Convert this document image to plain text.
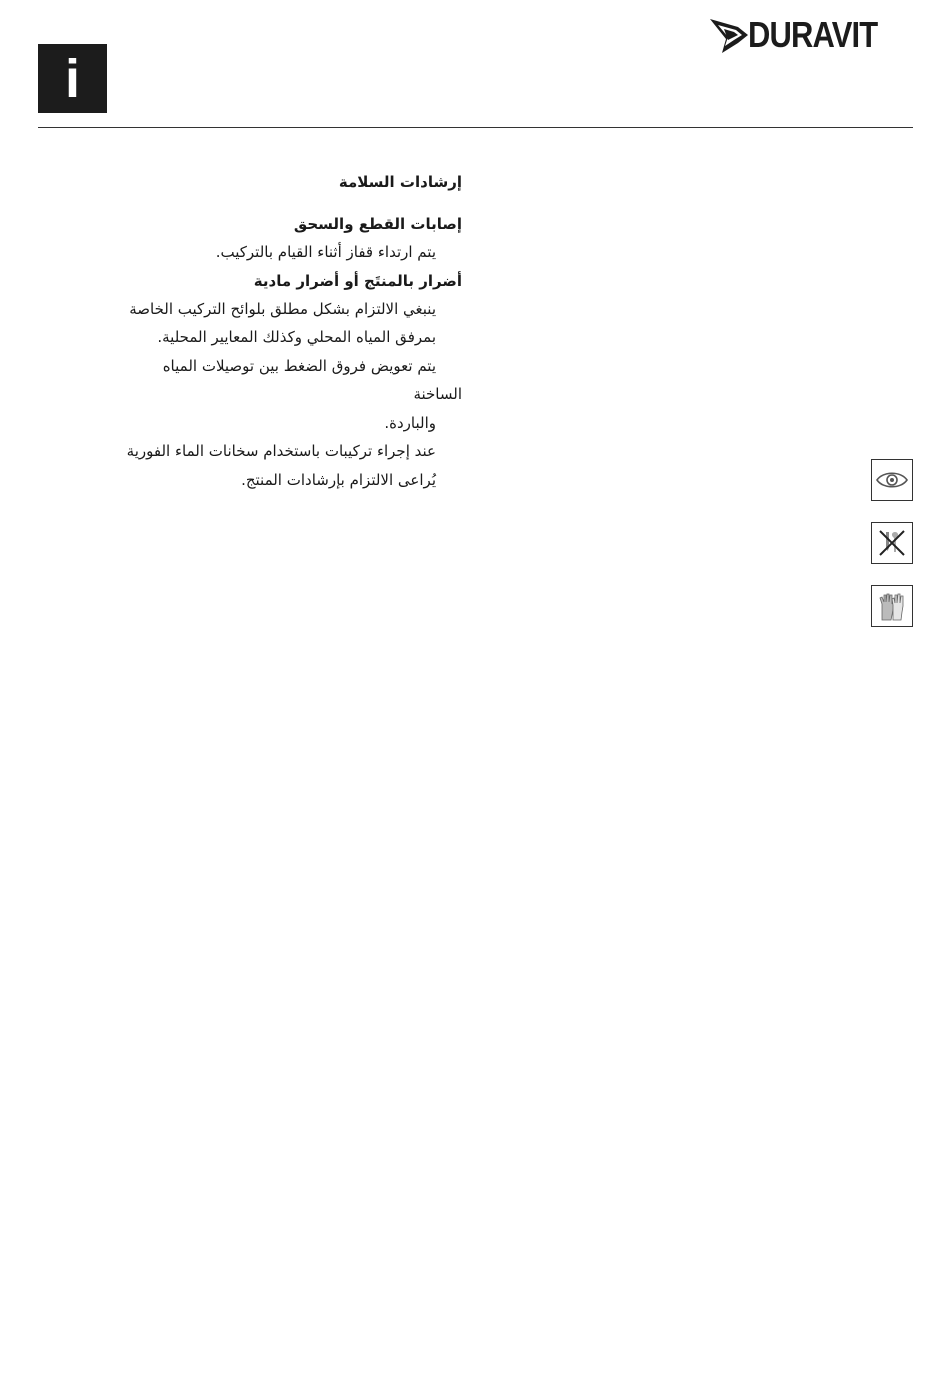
i
DURAVIT
إرشادات السلامة
إصابات القطع والسحق
يتم ارتداء قفاز أثناء القيام بالتركيب.
أضرار بالمنتَج أو أضرار مادية
ينبغي الالتزام بشكل مطلق بلوائح التركيب الخاصة
بمرفق المياه المحلي وكذلك المعايير المحلية.
يتم تعويض فروق الضغط بين توصيلات المياه
الساخنة
والباردة.
عند إجراء تركيبات باستخدام سخانات الماء الفورية
يُراعى الالتزام بإرشادات المنتج.
